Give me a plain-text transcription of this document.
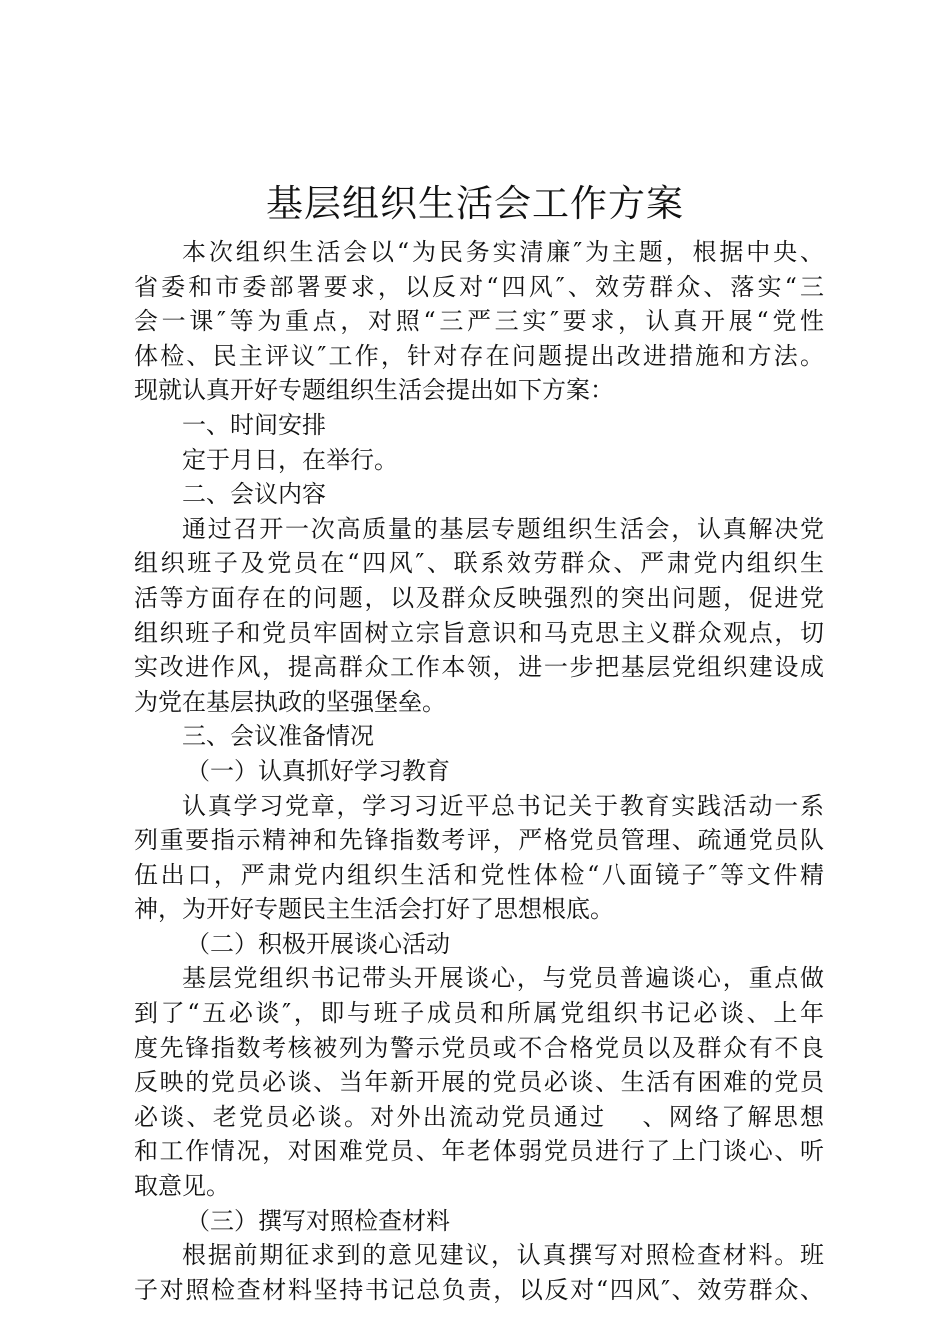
基层组织生活会工作方案
本次组织生活会以“为民务实清廉″为主题，根据中央、
省委和市委部署要求，以反对“四风″、效劳群众、落实“三
会一课″等为重点，对照“三严三实″要求，认真开展“党性
体检、民主评议″工作，针对存在问题提出改进措施和方法。
现就认真开好专题组织生活会提出如下方案：
一、时间安排
定于月日，在举行。
二、会议内容
通过召开一次高质量的基层专题组织生活会，认真解决党
组织班子及党员在“四风″、联系效劳群众、严肃党内组织生
活等方面存在的问题，以及群众反映强烈的突出问题，促进党
组织班子和党员牢固树立宗旨意识和马克思主义群众观点，切
实改进作风，提高群众工作本领，进一步把基层党组织建设成
为党在基层执政的坚强堡垒。
三、会议准备情况
（一）认真抓好学习教育
认真学习党章，学习习近平总书记关于教育实践活动一系
列重要指示精神和先锋指数考评，严格党员管理、疏通党员队
伍出口，严肃党内组织生活和党性体检“八面镜子″等文件精
神，为开好专题民主生活会打好了思想根底。
（二）积极开展谈心活动
基层党组织书记带头开展谈心，与党员普遍谈心，重点做
到了“五必谈″，即与班子成员和所属党组织书记必谈、上年
度先锋指数考核被列为警示党员或不合格党员以及群众有不良
反映的党员必谈、当年新开展的党员必谈、生活有困难的党员
必谈、老党员必谈。对外出流动党员通过　 、网络了解思想
和工作情况，对困难党员、年老体弱党员进行了上门谈心、听
取意见。
（三）撰写对照检查材料
根据前期征求到的意见建议，认真撰写对照检查材料。班
子对照检查材料坚持书记总负责，以反对“四风″、效劳群众、
